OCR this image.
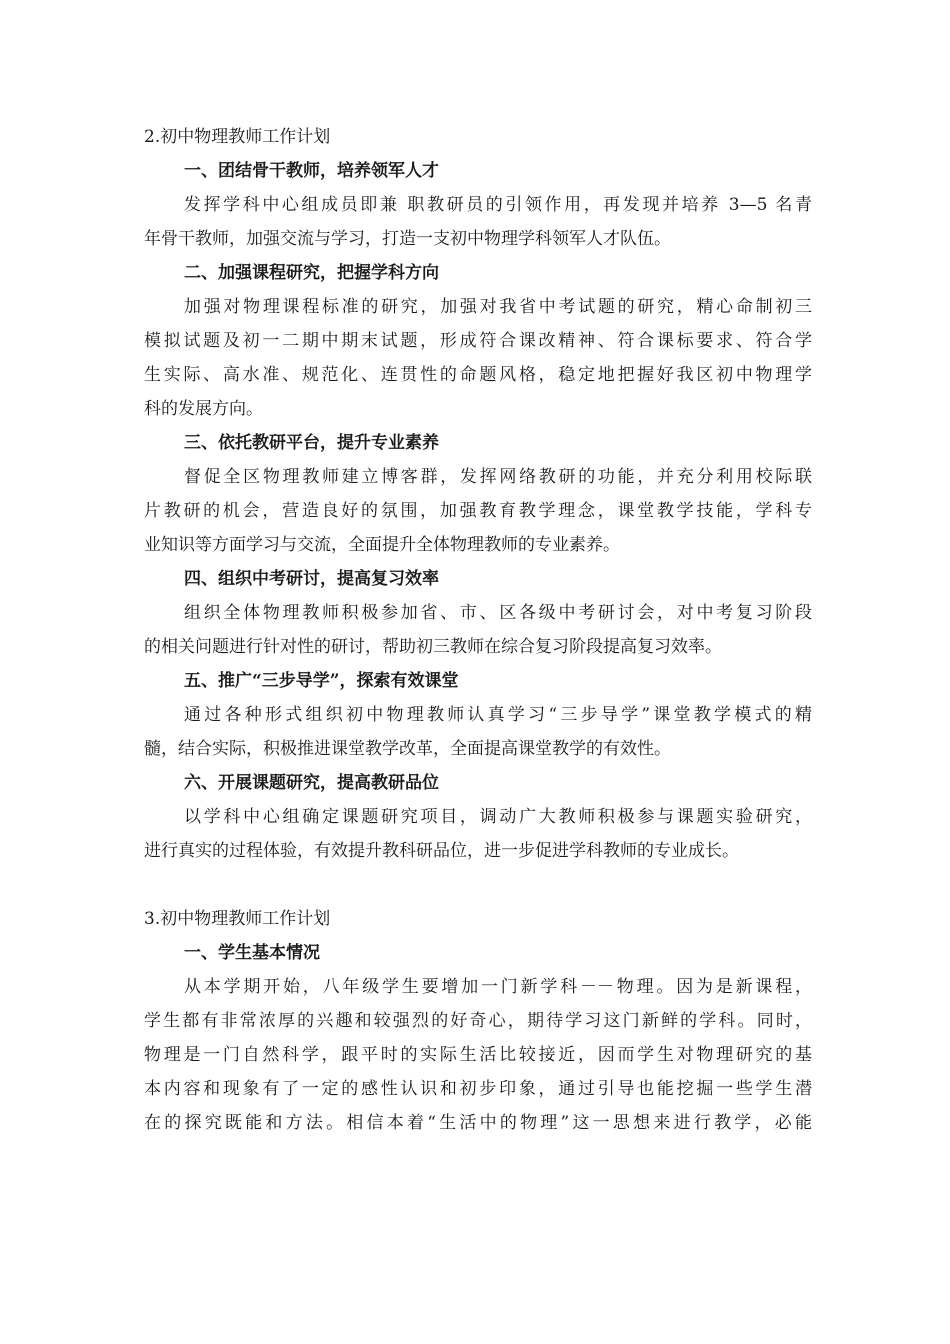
2.初中物理教师工作计划
一、团结骨干教师，培养领军人才

发挥学科中心组成员即兼 职教研员的引领作用，再发现并培养 3—5 名青
年骨干教师，加强交流与学习，打造一支初中物理学科领军人才队伍。

二、加强课程研究，把握学科方向

加强对物理课程标准的研究，加强对我省中考试题的研究，精心命制初三
模拟试题及初一二期中期末试题，形成符合课改精神、符合课标要求、符合学
生实际、高水准、规范化、连贯性的命题风格，稳定地把握好我区初中物理学
科的发展方向。

三、依托教研平台，提升专业素养

督促全区物理教师建立博客群，发挥网络教研的功能，并充分利用校际联
片教研的机会，营造良好的氛围，加强教育教学理念，课堂教学技能，学科专
业知识等方面学习与交流，全面提升全体物理教师的专业素养。

四、组织中考研讨，提高复习效率

组织全体物理教师积极参加省、市、区各级中考研讨会，对中考复习阶段
的相关问题进行针对性的研讨，帮助初三教师在综合复习阶段提高复习效率。

五、推广“三步导学”，探索有效课堂

通过各种形式组织初中物理教师认真学习“三步导学”课堂教学模式的精
髓，结合实际，积极推进课堂教学改革，全面提高课堂教学的有效性。

六、开展课题研究，提高教研品位

以学科中心组确定课题研究项目，调动广大教师积极参与课题实验研究，
进行真实的过程体验，有效提升教科研品位，进一步促进学科教师的专业成长。

3.初中物理教师工作计划
一、学生基本情况

从本学期开始，八年级学生要增加一门新学科－－物理。因为是新课程，
学生都有非常浓厚的兴趣和较强烈的好奇心，期待学习这门新鲜的学科。同时，
物理是一门自然科学，跟平时的实际生活比较接近，因而学生对物理研究的基
本内容和现象有了一定的感性认识和初步印象，通过引导也能挖掘一些学生潜
在的探究既能和方法。相信本着“生活中的物理”这一思想来进行教学，必能
